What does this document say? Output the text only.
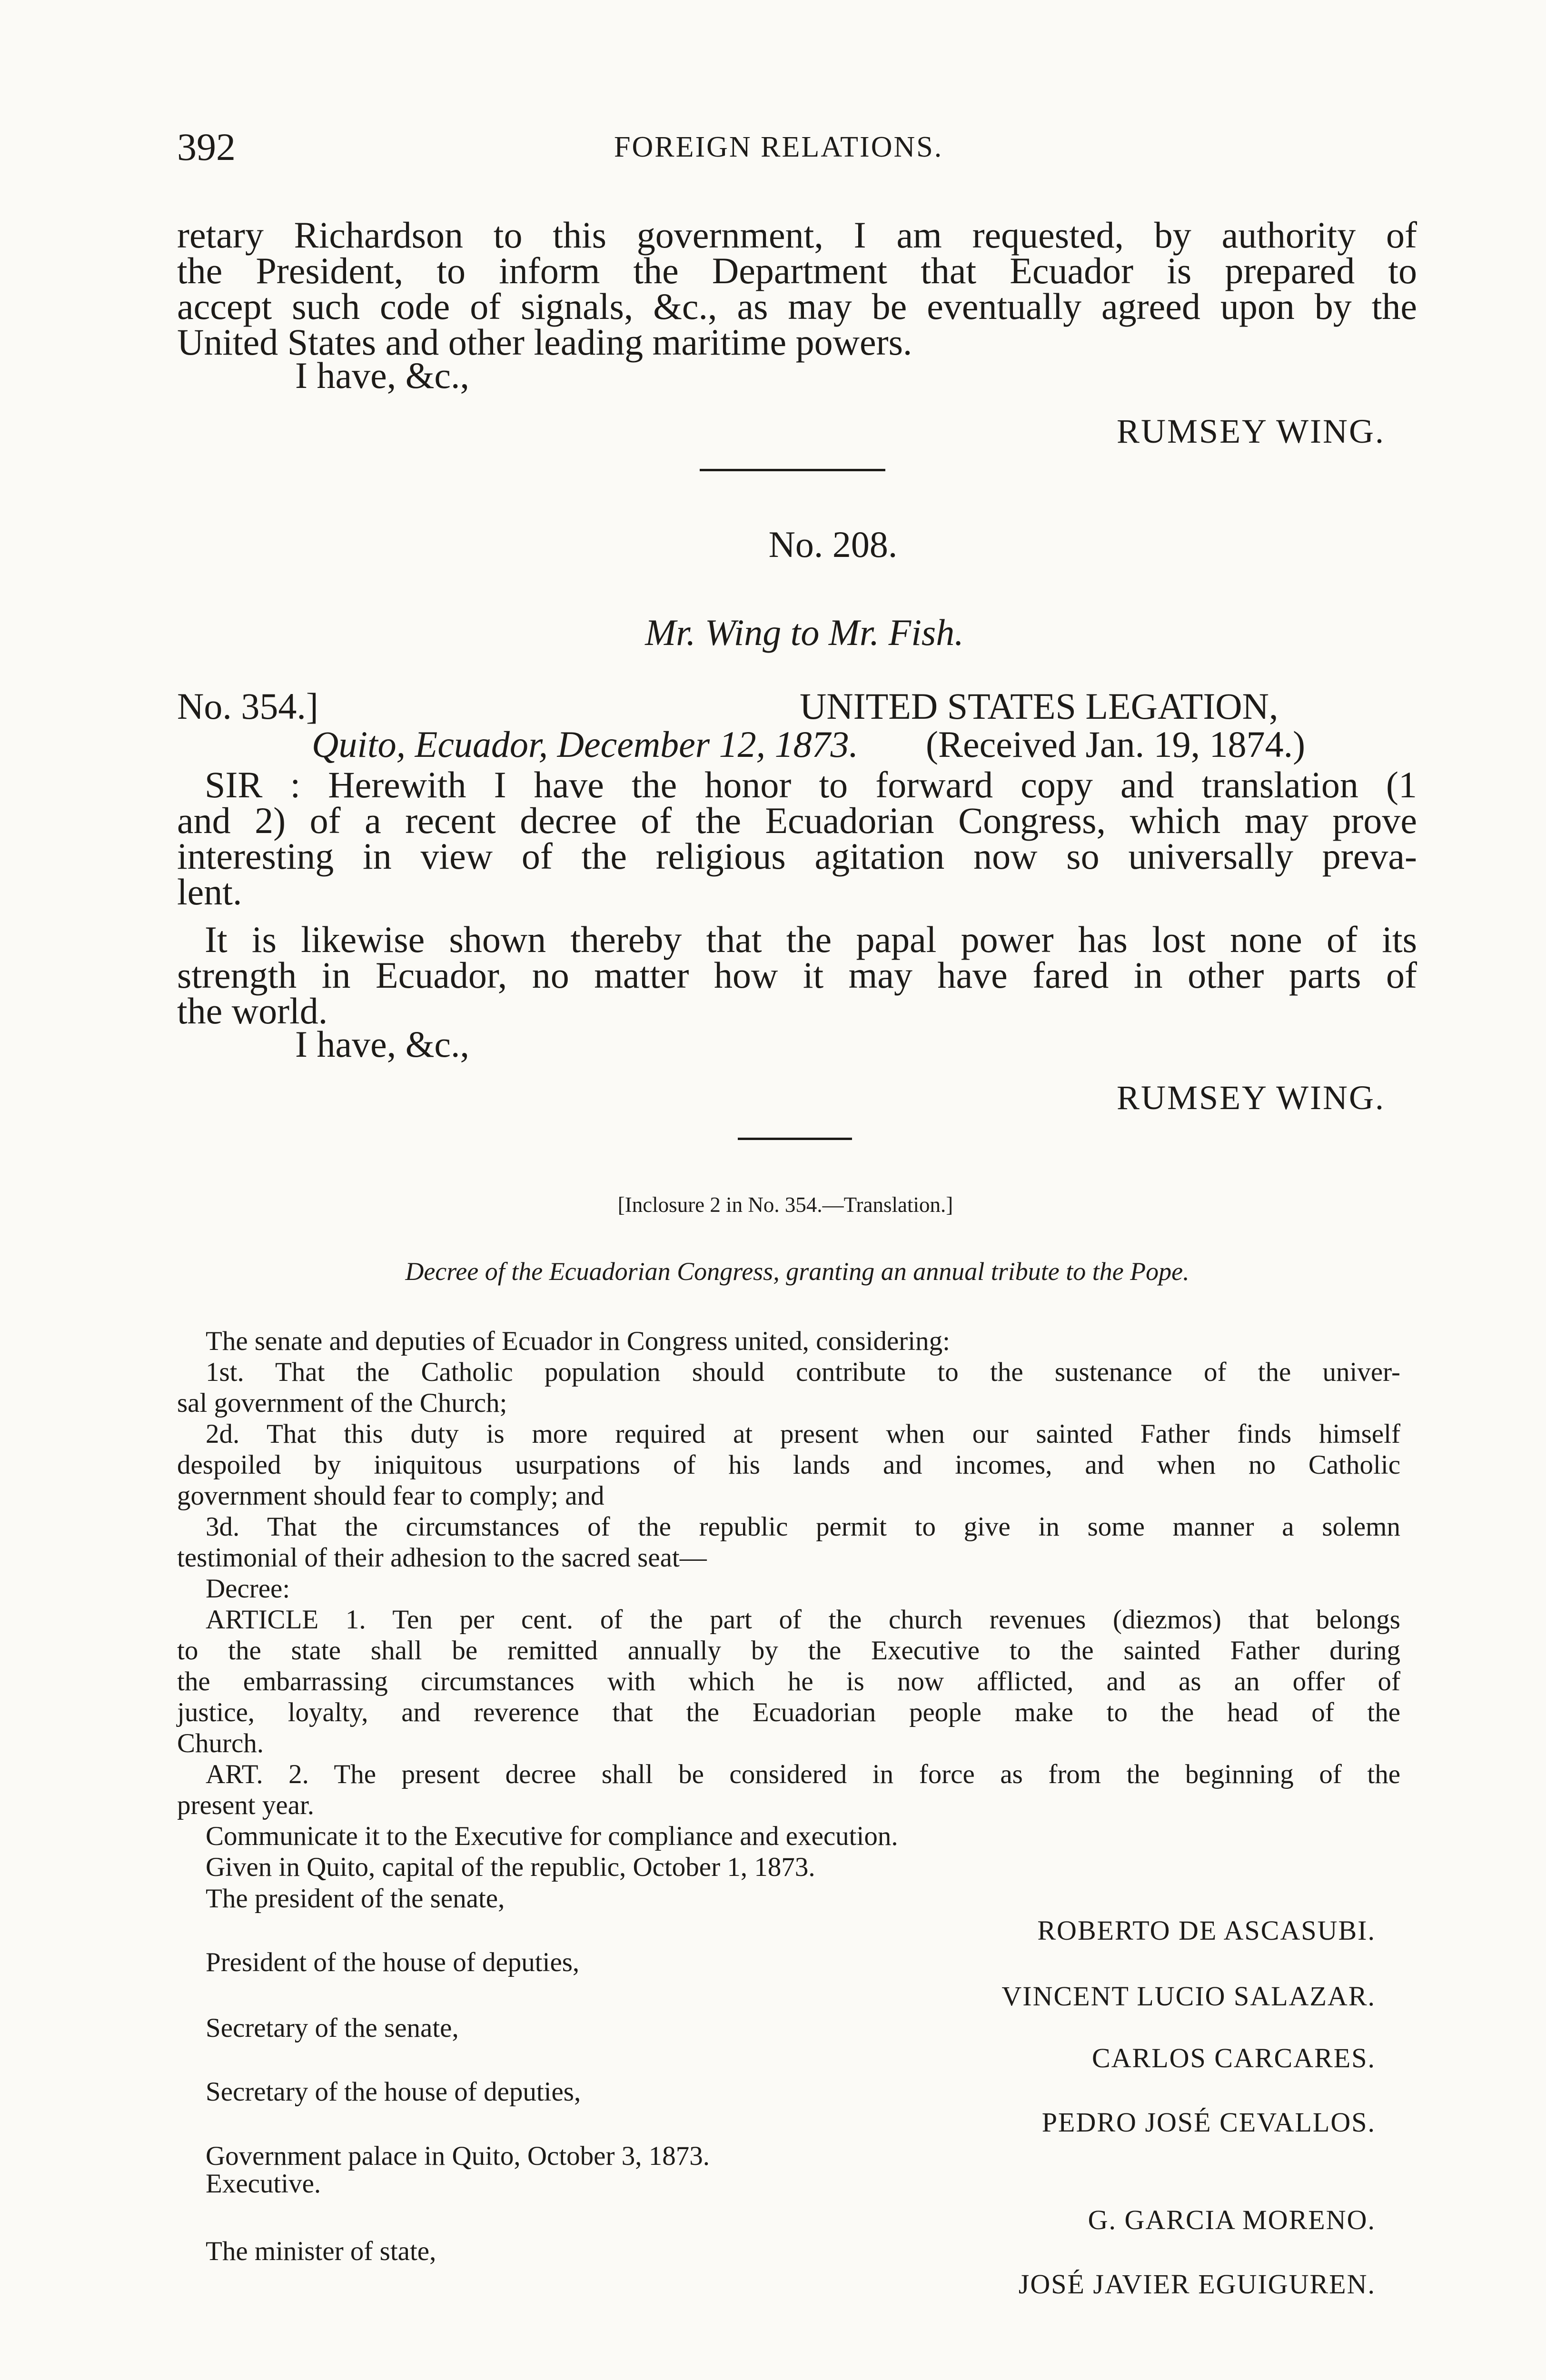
392	FOREIGN RELATIONS.
retary Richardson to this government, I am requested, by authority of
the President, to inform the Department that Ecuador is prepared to
accept such code of signals, &c., as may be eventually agreed upon by the
United States and other leading maritime powers.
I have, &c.,
RUMSEY WING.
No. 208.
Mr. Wing to Mr. Fish.
No. 354.]	UNITED STATES LEGATION,
Quito, Ecuador, December 12, 1873. (Received Jan. 19, 1874.)
SIR : Herewith I have the honor to forward copy and translation (1
and 2) of a recent decree of the Ecuadorian Congress, which may prove
interesting in view of the religious agitation now so universally preva-
lent.
It is likewise shown thereby that the papal power has lost none of its
strength in Ecuador, no matter how it may have fared in other parts of
the world.
I have, &c.,
RUMSEY WING.
[Inclosure 2 in No. 354.—Translation.]
Decree of the Ecuadorian Congress, granting an annual tribute to the Pope.
The senate and deputies of Ecuador in Congress united, considering:
1st. That the Catholic population should contribute to the sustenance of the univer-
sal government of the Church;
2d. That this duty is more required at present when our sainted Father finds himself
despoiled by iniquitous usurpations of his lands and incomes, and when no Catholic
government should fear to comply; and
3d. That the circumstances of the republic permit to give in some manner a solemn
testimonial of their adhesion to the sacred seat—
Decree:
ARTICLE 1. Ten per cent. of the part of the church revenues (diezmos) that belongs
to the state shall be remitted annually by the Executive to the sainted Father during
the embarrassing circumstances with which he is now afflicted, and as an offer of
justice, loyalty, and reverence that the Ecuadorian people make to the head of the
Church.
ART. 2. The present decree shall be considered in force as from the beginning of the
present year.
Communicate it to the Executive for compliance and execution.
Given in Quito, capital of the republic, October 1, 1873.
The president of the senate,
ROBERTO DE ASCASUBI.
President of the house of deputies,
VINCENT LUCIO SALAZAR.
Secretary of the senate,
CARLOS CARCARES.
Secretary of the house of deputies,
PEDRO JOSÉ CEVALLOS.
Government palace in Quito, October 3, 1873.
Executive.
G. GARCIA MORENO.
The minister of state,
JOSÉ JAVIER EGUIGUREN.
